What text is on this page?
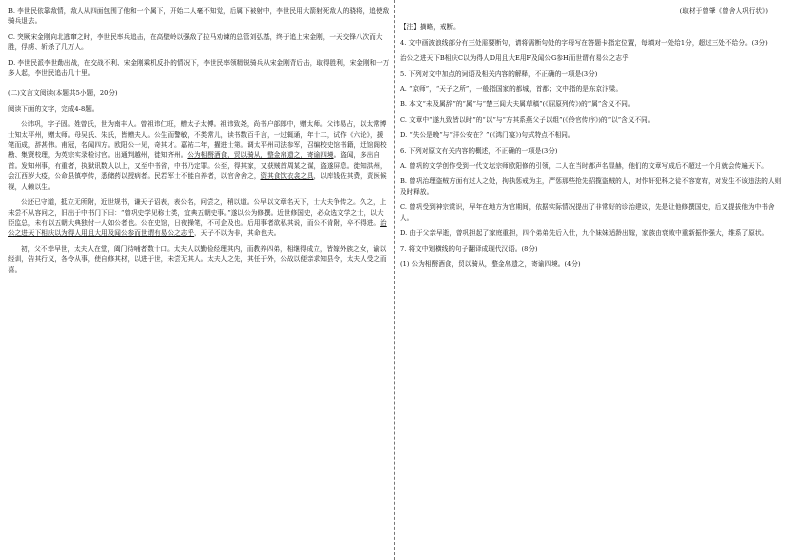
B. 李世民依靠敌情，敌人从四面包围了他和一个属下，开始二人毫不知觉，后属下被射中，李世民用大箭射死敌人的骁将，追使敌骑兵退去。

C. 突厥宋金刚向北逃窜之时，李世民率兵追击，在高壁岭以强敌了拉马劝谏的总管刘弘基，终于追上宋金刚，一天交锋八次而大胜，俘虏、斩杀了几万人。

D. 李世民派李世勣出战，在交战不利、宋金刚乘机反扑的情况下，李世民率领精锐骑兵从宋金刚背后击，取得胜利，宋金刚和一万多人起，李世民追击几十里。

(二)文言文阅读(本题共5小题，20分)

阅读下面的文字，完成4-8题。

公讳巩，字子固。姓曾氏，世为南丰人。曾祖讳仁旺，赠太子太傅。祖讳致尧，尚书户部郎中，赠太师。父讳易占，以太常博士知太平州，赠太师。母吴氏、朱氏，皆赠夫人。公生而警敏，不类常儿，读书数百千言，一过辄诵，年十二，试作《六论》，援笔而成，辞甚伟。甫冠，名闻四方。欧阳公一见，奇其才。嘉祐二年，擢进士第。调太平州司法参军，召编校史馆书籍，迁馆阁校勘、集贤校理，为英宗实录检讨官。出通判越州，徙知齐州。公为相酹酒食，贸以骑从，整金帛遗之，寄谕四境。盗闻，多出自首。发知州事，有重者，执狱讯数人以上，又至中书省，中书乃定罪。公至，得其家，又获贼首周某之谋，盗遂屏息。徙知洪州，会江西岁大疫，公命县镇亭传，悉储药以授病者。民若军士不能自养者，以官舍舍之，资其食饮衣衾之具，以库钱佐其费，责医候视，人赖以生。

公还已守道，抵立无所附，近世规书，谦天子诏表，表公名，问尝之，稍以道。公早以文章名天下，士大夫争传之。久之，上未尝不从容问之，旧出于中书门下曰：“曾巩史学见称士类，宜典五朝史事。”遂以公为修撰。近世修国史，必众选文学之士，以大臣监总，未有以五朝大典独付一人如公者也。公在史馆，日夜操笔，不可企及也。后用事者欲私其说，而公不肯附，卒不得进。治公之进天下相庆以为得人用且大用及闻公参而世谓有易公之志乎，天子不以为非，其命也夫。

初，父不幸早世，太夫人在堂，阖门待哺者数十口。太夫人以勤俭经理其内，而教养四弟，相继得成立，皆嫁外族之女，谕以经训，告其行义，各令从事，使自修其材，以进于世，未尝无其人。太夫人之先，其任于外，公故以便亲求知县令，太夫人受之而喜。

(取材于曾肇《曾舍人巩行状》)

【注】摘略，戒断。

4. 文中画波浪线部分有三处需要断句，请将需断句处的字母写在答题卡指定位置，每填对一处给1分，超过三处不给分。(3分)

治公之进天下B相庆C以为得人D用且大E用F及闻公G参H而世谓有易公之志乎

5. 下列对文中加点的词语及相关内容的解释，不正确的一项是(3分)

A. “京师”，“天子之所”，一般指国家的都城，首都；文中指的是东京汴梁。

B. 本文“未及属辞”的“属”与“楚三闾大夫属草稿”(《屈原列传》)的“属”含义不同。

C. 文章中“遂九致皆以时”的“以”与“方其系燕父子以组”(《伶官传序》)的“以”含义不同。

D. “失公是晚”与“洋公安在？”(《鸿门宴》)句式特点不相同。

6. 下列对原文有关内容的概述，不正确的一项是(3分)

A. 曾巩的文学创作受到一代文坛宗师欧阳修的引领，二人在当时都声名显赫，他们的文章写成后不超过一个月就会传遍天下。

B. 曾巩治理盗贼方面有过人之处，拘执惩戒为主，严惩那些抢先招揽盗贼的人，对作奸犯科之徒不容宽宥，对发生不该违法的人则及时释放。

C. 曾巩受到神宗赏识，早年在地方为官期间，依据实际情况提出了非常好的诊治建议，先是让他修撰国史，后又提拔他为中书舍人。

D. 由于父亲早逝，曾巩担起了家庭重担，四个弟弟先后入仕，九个妹妹适龄出嫁，家族由衰败中重新振作强大，维系了原状。

7. 将文中划横线的句子翻译成现代汉语。(8分)

(1) 公为相酹酒食，贸以骑从，整金帛遗之，寄谕四境。(4分)
